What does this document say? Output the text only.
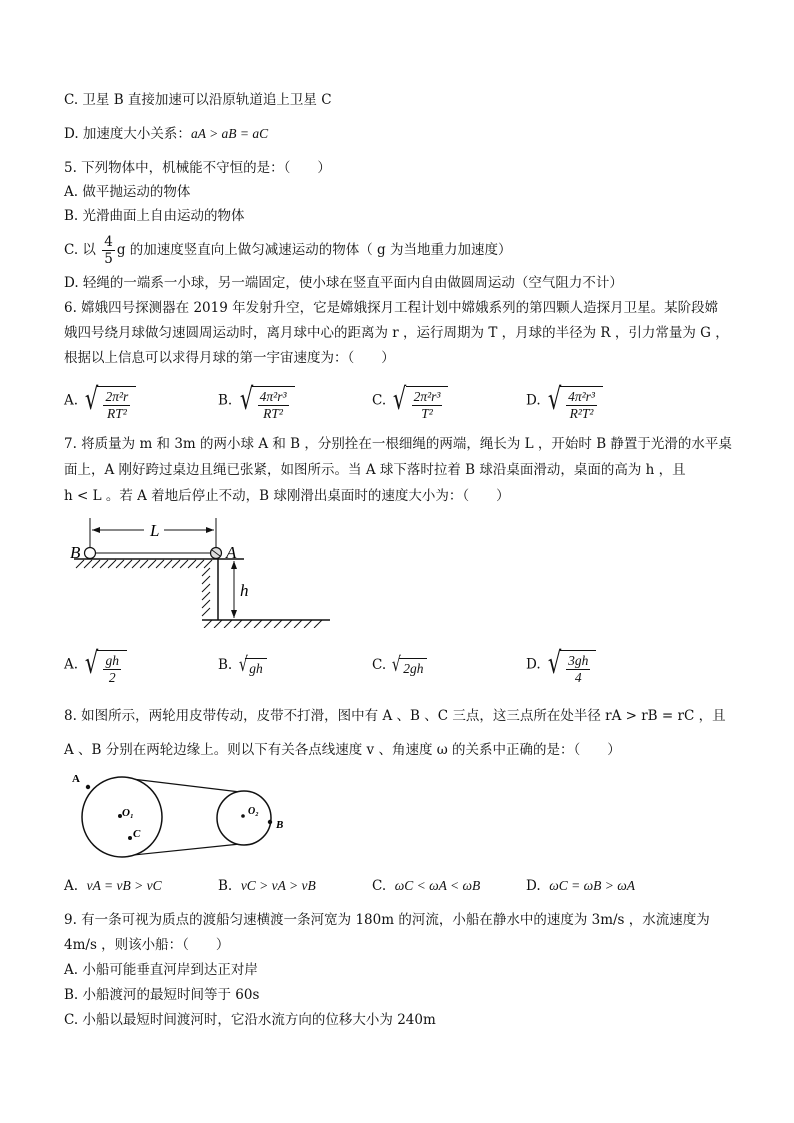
C. 卫星 B 直接加速可以沿原轨道追上卫星 C
D. 加速度大小关系：aA > aB = aC
5. 下列物体中，机械能不守恒的是：（　　）
A. 做平抛运动的物体
B. 光滑曲面上自由运动的物体
C. 以 $\frac{4}{5}$ g 的加速度竖直向上做匀减速运动的物体（ g 为当地重力加速度）
D. 轻绳的一端系一小球，另一端固定，使小球在竖直平面内自由做圆周运动（空气阻力不计）
6. 嫦娥四号探测器在 2019 年发射升空，它是嫦娥探月工程计划中嫦娥系列的第四颗人造探月卫星。某阶段嫦
娥四号绕月球做匀速圆周运动时，离月球中心的距离为 r ，运行周期为 T ，月球的半径为 R ，引力常量为 G ，
根据以上信息可以求得月球的第一宇宙速度为：（　　）
A. √ $\frac{\text{2π²r}}{\text{RT²}}$	B. √ $\frac{\text{4π²r³}}{\text{RT²}}$	C. √ $\frac{\text{2π²r³}}{\text{T²}}$	D. √ $\frac{\text{4π²r³}}{\text{R²T²}}$
7. 将质量为 m 和 3m 的两小球 A 和 B ，分别拴在一根细绳的两端，绳长为 L ，开始时 B 静置于光滑的水平桌
面上，A 刚好跨过桌边且绳已张紧，如图所示。当 A 球下落时拉着 B 球沿桌面滑动，桌面的高为 h ，且
h < L 。若 A 着地后停止不动，B 球刚滑出桌面时的速度大小为：（　　）
L
B	A
h
A. √ $\frac{gh}{2}$	B. √ gh	C. √ 2gh	D. √ $\frac{3gh}{4}$
8. 如图所示，两轮用皮带传动，皮带不打滑，图中有 A 、B 、C 三点，这三点所在处半径 rA > rB = rC ，且
A 、B 分别在两轮边缘上。则以下有关各点线速度 v 、角速度 ω 的关系中正确的是：（　　）
A
O₁
C
O₂
B
A. vA = vB > vC	B. vC > vA > vB	C. ωC < ωA < ωB	D. ωC = ωB > ωA
9. 有一条可视为质点的渡船匀速横渡一条河宽为 180m 的河流，小船在静水中的速度为 3m/s ，水流速度为
4m/s ，则该小船：（　　）
A. 小船可能垂直河岸到达正对岸
B. 小船渡河的最短时间等于 60s
C. 小船以最短时间渡河时，它沿水流方向的位移大小为 240m
